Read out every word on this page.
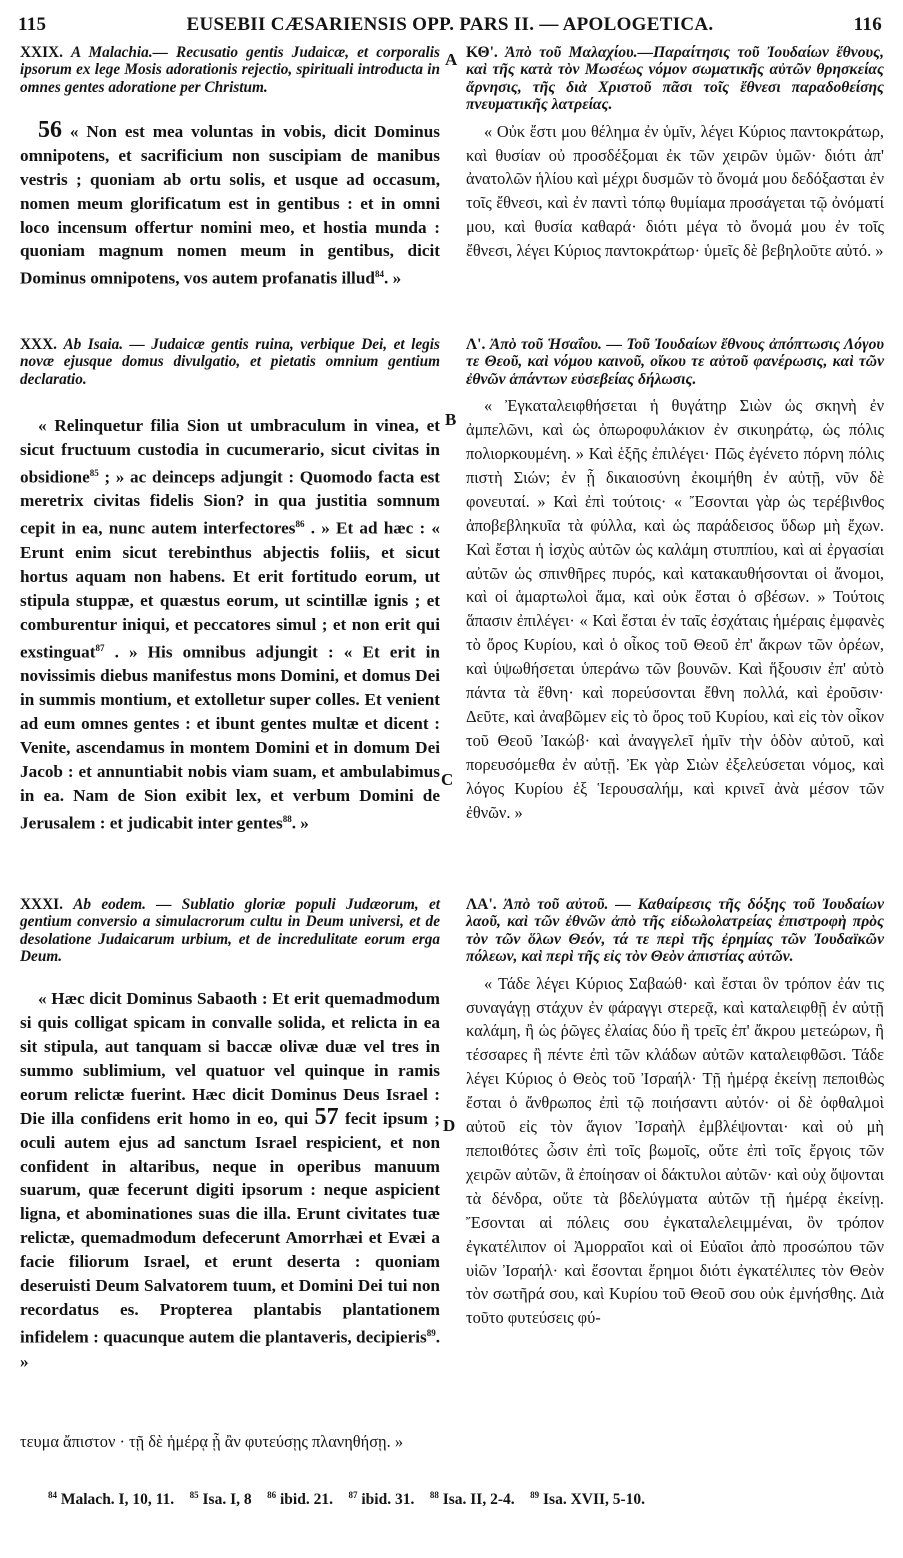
115	EUSEBII CÆSARIENSIS OPP. PARS II. — APOLOGETICA.	116
A
B
C
D

XXIX. A Malachia.— Recusatio gentis Judaicæ, et corporalis ipsorum ex lege Mosis adorationis rejectio, spirituali introducta in omnes gentes adoratione per Christum.

56 « Non est mea voluntas in vobis, dicit Dominus omnipotens, et sacrificium non suscipiam de manibus vestris ; quoniam ab ortu solis, et usque ad occasum, nomen meum glorificatum est in gentibus : et in omni loco incensum offertur nomini meo, et hostia munda : quoniam magnum nomen meum in gentibus, dicit Dominus omnipotens, vos autem profanatis illud$^{84}$. »

XXX. Ab Isaia. — Judaicæ gentis ruina, verbique Dei, et legis novæ ejusque domus divulgatio, et pietatis omnium gentium declaratio.

« Relinquetur filia Sion ut umbraculum in vinea, et sicut fructuum custodia in cucumerario, sicut civitas in obsidione$^{85}$ ; » ac deinceps adjungit : Quomodo facta est meretrix civitas fidelis Sion? in qua justitia somnum cepit in ea, nunc autem interfectores$^{86}$ . » Et ad hæc : « Erunt enim sicut terebinthus abjectis foliis, et sicut hortus aquam non habens. Et erit fortitudo eorum, ut stipula stuppæ, et quæstus eorum, ut scintillæ ignis ; et comburentur iniqui, et peccatores simul ; et non erit qui exstinguat$^{87}$ . » His omnibus adjungit : « Et erit in novissimis diebus manifestus mons Domini, et domus Dei in summis montium, et extolletur super colles. Et venient ad eum omnes gentes : et ibunt gentes multæ et dicent : Venite, ascendamus in montem Domini et in domum Dei Jacob : et annuntiabit nobis viam suam, et ambulabimus in ea. Nam de Sion exibit lex, et verbum Domini de Jerusalem : et judicabit inter gentes$^{88}$. »

XXXI. Ab eodem. — Sublatio gloriæ populi Judæorum, et gentium conversio a simulacrorum cultu in Deum universi, et de desolatione Judaicarum urbium, et de incredulitate eorum erga Deum.

« Hæc dicit Dominus Sabaoth : Et erit quemadmodum si quis colligat spicam in convalle solida, et relicta in ea sit stipula, aut tanquam si baccæ olivæ duæ vel tres in summo sublimium, vel quatuor vel quinque in ramis eorum relictæ fuerint. Hæc dicit Dominus Deus Israel : Die illa confidens erit homo in eo, qui 57 fecit ipsum ; oculi autem ejus ad sanctum Israel respicient, et non confident in altaribus, neque in operibus manuum suarum, quæ fecerunt digiti ipsorum : neque aspicient ligna, et abominationes suas die illa. Erunt civitates tuæ relictæ, quemadmodum defecerunt Amorrhæi et Evæi a facie filiorum Israel, et erunt deserta : quoniam deseruisti Deum Salvatorem tuum, et Domini Dei tui non recordatus es. Propterea plantabis plantationem infidelem : quacunque autem die plantaveris, decipieris$^{89}$. »

ΚΘ'. Ἀπὸ τοῦ Μαλαχίου.—Παραίτησις τοῦ Ἰουδαίων ἔθνους, καὶ τῆς κατὰ τὸν Μωσέως νόμον σωματικῆς αὐτῶν θρησκείας ἄρνησις, τῆς διὰ Χριστοῦ πᾶσι τοῖς ἔθνεσι παραδοθείσης πνευματικῆς λατρείας.

« Οὐκ ἔστι μου θέλημα ἐν ὑμῖν, λέγει Κύριος παντοκράτωρ, καὶ θυσίαν οὐ προσδέξομαι ἐκ τῶν χειρῶν ὑμῶν· διότι ἀπ' ἀνατολῶν ἡλίου καὶ μέχρι δυσμῶν τὸ ὄνομά μου δεδόξασται ἐν τοῖς ἔθνεσι, καὶ ἐν παντὶ τόπῳ θυμίαμα προσάγεται τῷ ὀνόματί μου, καὶ θυσία καθαρά· διότι μέγα τὸ ὄνομά μου ἐν τοῖς ἔθνεσι, λέγει Κύριος παντοκράτωρ· ὑμεῖς δὲ βεβηλοῦτε αὐτό. »

Λ'. Ἀπὸ τοῦ Ἡσαΐου. — Τοῦ Ἰουδαίων ἔθνους ἀπόπτωσις Λόγου τε Θεοῦ, καὶ νόμου καινοῦ, οἴκου τε αὐτοῦ φανέρωσις, καὶ τῶν ἐθνῶν ἁπάντων εὐσεβείας δήλωσις.

« Ἐγκαταλειφθήσεται ἡ θυγάτηρ Σιὼν ὡς σκηνὴ ἐν ἀμπελῶνι, καὶ ὡς ὀπωροφυλάκιον ἐν σικυηράτῳ, ὡς πόλις πολιορκουμένη. » Καὶ ἑξῆς ἐπιλέγει· Πῶς ἐγένετο πόρνη πόλις πιστὴ Σιών; ἐν ᾗ δικαιοσύνη ἐκοιμήθη ἐν αὐτῇ, νῦν δὲ φονευταί. » Καὶ ἐπὶ τούτοις· « Ἔσονται γὰρ ὡς τερέβινθος ἀποβεβληκυῖα τὰ φύλλα, καὶ ὡς παράδεισος ὕδωρ μὴ ἔχων. Καὶ ἔσται ἡ ἰσχὺς αὐτῶν ὡς καλάμη στυππίου, καὶ αἱ ἐργασίαι αὐτῶν ὡς σπινθῆρες πυρός, καὶ κατακαυθήσονται οἱ ἄνομοι, καὶ οἱ ἁμαρτωλοὶ ἅμα, καὶ οὐκ ἔσται ὁ σβέσων. » Τούτοις ἅπασιν ἐπιλέγει· « Καὶ ἔσται ἐν ταῖς ἐσχάταις ἡμέραις ἐμφανὲς τὸ ὄρος Κυρίου, καὶ ὁ οἶκος τοῦ Θεοῦ ἐπ' ἄκρων τῶν ὀρέων, καὶ ὑψωθήσεται ὑπεράνω τῶν βουνῶν. Καὶ ἥξουσιν ἐπ' αὐτὸ πάντα τὰ ἔθνη· καὶ πορεύσονται ἔθνη πολλά, καὶ ἐροῦσιν· Δεῦτε, καὶ ἀναβῶμεν εἰς τὸ ὄρος τοῦ Κυρίου, καὶ εἰς τὸν οἶκον τοῦ Θεοῦ Ἰακώβ· καὶ ἀναγγελεῖ ἡμῖν τὴν ὁδὸν αὐτοῦ, καὶ πορευσόμεθα ἐν αὐτῇ. Ἐκ γὰρ Σιὼν ἐξελεύσεται νόμος, καὶ λόγος Κυρίου ἐξ Ἱερουσαλήμ, καὶ κρινεῖ ἀνὰ μέσον τῶν ἐθνῶν. »

ΛΑ'. Ἀπὸ τοῦ αὐτοῦ. — Καθαίρεσις τῆς δόξης τοῦ Ἰουδαίων λαοῦ, καὶ τῶν ἐθνῶν ἀπὸ τῆς εἰδωλολατρείας ἐπιστροφὴ πρὸς τὸν τῶν ὅλων Θεόν, τά τε περὶ τῆς ἐρημίας τῶν Ἰουδαϊκῶν πόλεων, καὶ περὶ τῆς εἰς τὸν Θεὸν ἀπιστίας αὐτῶν.

« Τάδε λέγει Κύριος Σαβαώθ· καὶ ἔσται ὃν τρόπον ἐάν τις συναγάγῃ στάχυν ἐν φάραγγι στερεᾷ, καὶ καταλειφθῇ ἐν αὐτῇ καλάμη, ἢ ὡς ῥῶγες ἐλαίας δύο ἢ τρεῖς ἐπ' ἄκρου μετεώρων, ἢ τέσσαρες ἢ πέντε ἐπὶ τῶν κλάδων αὐτῶν καταλειφθῶσι. Τάδε λέγει Κύριος ὁ Θεὸς τοῦ Ἰσραήλ· Τῇ ἡμέρᾳ ἐκείνῃ πεποιθὼς ἔσται ὁ ἄνθρωπος ἐπὶ τῷ ποιήσαντι αὐτόν· οἱ δὲ ὀφθαλμοὶ αὐτοῦ εἰς τὸν ἅγιον Ἰσραὴλ ἐμβλέψονται· καὶ οὐ μὴ πεποιθότες ὦσιν ἐπὶ τοῖς βωμοῖς, οὔτε ἐπὶ τοῖς ἔργοις τῶν χειρῶν αὐτῶν, ἃ ἐποίησαν οἱ δάκτυλοι αὐτῶν· καὶ οὐχ ὄψονται τὰ δένδρα, οὔτε τὰ βδελύγματα αὐτῶν τῇ ἡμέρᾳ ἐκείνῃ. Ἔσονται αἱ πόλεις σου ἐγκαταλελειμμέναι, ὃν τρόπον ἐγκατέλιπον οἱ Ἀμορραῖοι καὶ οἱ Εὐαῖοι ἀπὸ προσώπου τῶν υἱῶν Ἰσραήλ· καὶ ἔσονται ἔρημοι διότι ἐγκατέλιπες τὸν Θεὸν τὸν σωτῆρά σου, καὶ Κυρίου τοῦ Θεοῦ σου οὐκ ἐμνήσθης. Διὰ τοῦτο φυτεύσεις φύ-

τευμα ἄπιστον · τῇ δὲ ἡμέρᾳ ᾗ ἂν φυτεύσῃς πλανηθήσῃ. »
$^{84}$ Malach. I, 10, 11. $^{85}$ Isa. I, 8 $^{86}$ ibid. 21. $^{87}$ ibid. 31. $^{88}$ Isa. II, 2-4. $^{89}$ Isa. XVII, 5-10.
